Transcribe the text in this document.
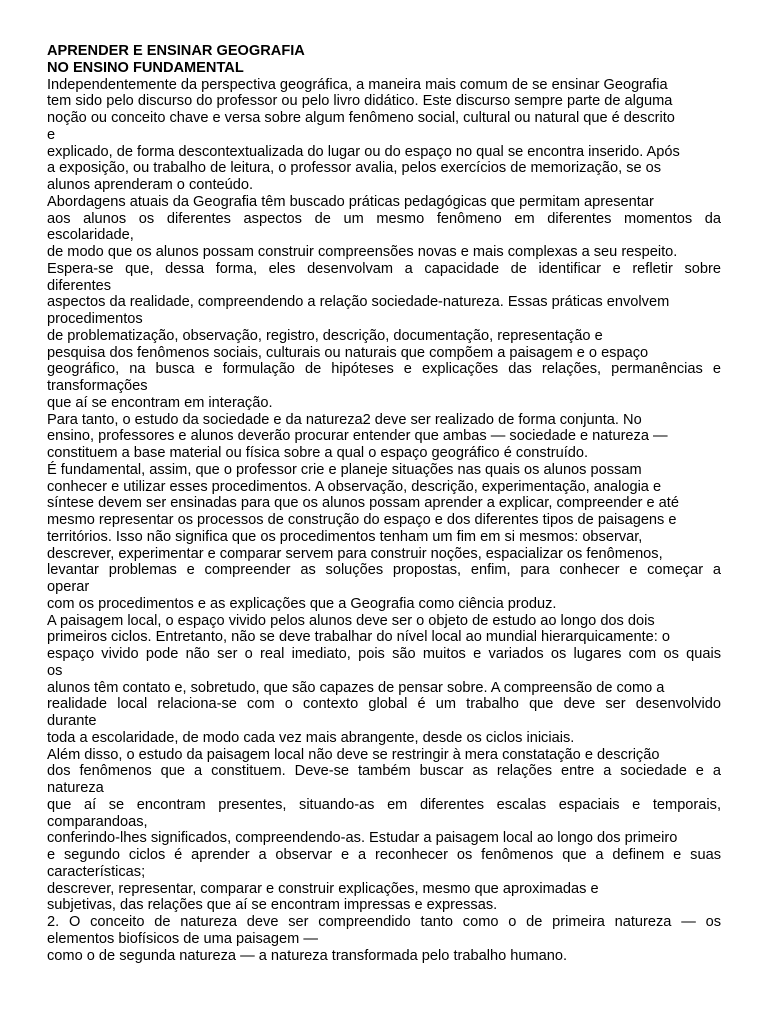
APRENDER E ENSINAR GEOGRAFIA
NO ENSINO FUNDAMENTAL
Independentemente da perspectiva geográfica, a maneira mais comum de se ensinar Geografia
tem sido pelo discurso do professor ou pelo livro didático. Este discurso sempre parte de alguma
noção ou conceito chave e versa sobre algum fenômeno social, cultural ou natural que é descrito
e
explicado, de forma descontextualizada do lugar ou do espaço no qual se encontra inserido. Após
a exposição, ou trabalho de leitura, o professor avalia, pelos exercícios de memorização, se os
alunos aprenderam o conteúdo.
Abordagens atuais da Geografia têm buscado práticas pedagógicas que permitam apresentar
aos alunos os diferentes aspectos de um mesmo fenômeno em diferentes momentos da
escolaridade,
de modo que os alunos possam construir compreensões novas e mais complexas a seu respeito.
Espera-se que, dessa forma, eles desenvolvam a capacidade de identificar e refletir sobre
diferentes
aspectos da realidade, compreendendo a relação sociedade-natureza. Essas práticas envolvem
procedimentos
de problematização, observação, registro, descrição, documentação, representação e
pesquisa dos fenômenos sociais, culturais ou naturais que compõem a paisagem e o espaço
geográfico, na busca e formulação de hipóteses e explicações das relações, permanências e
transformações
que aí se encontram em interação.
Para tanto, o estudo da sociedade e da natureza2 deve ser realizado de forma conjunta. No
ensino, professores e alunos deverão procurar entender que ambas — sociedade e natureza —
constituem a base material ou física sobre a qual o espaço geográfico é construído.
É fundamental, assim, que o professor crie e planeje situações nas quais os alunos possam
conhecer e utilizar esses procedimentos. A observação, descrição, experimentação, analogia e
síntese devem ser ensinadas para que os alunos possam aprender a explicar, compreender e até
mesmo representar os processos de construção do espaço e dos diferentes tipos de paisagens e
territórios. Isso não significa que os procedimentos tenham um fim em si mesmos: observar,
descrever, experimentar e comparar servem para construir noções, espacializar os fenômenos,
levantar problemas e compreender as soluções propostas, enfim, para conhecer e começar a
operar
com os procedimentos e as explicações que a Geografia como ciência produz.
A paisagem local, o espaço vivido pelos alunos deve ser o objeto de estudo ao longo dos dois
primeiros ciclos. Entretanto, não se deve trabalhar do nível local ao mundial hierarquicamente: o
espaço vivido pode não ser o real imediato, pois são muitos e variados os lugares com os quais
os
alunos têm contato e, sobretudo, que são capazes de pensar sobre. A compreensão de como a
realidade local relaciona-se com o contexto global é um trabalho que deve ser desenvolvido
durante
toda a escolaridade, de modo cada vez mais abrangente, desde os ciclos iniciais.
Além disso, o estudo da paisagem local não deve se restringir à mera constatação e descrição
dos fenômenos que a constituem. Deve-se também buscar as relações entre a sociedade e a
natureza
que aí se encontram presentes, situando-as em diferentes escalas espaciais e temporais,
comparandoas,
conferindo-lhes significados, compreendendo-as. Estudar a paisagem local ao longo dos primeiro
e segundo ciclos é aprender a observar e a reconhecer os fenômenos que a definem e suas
características;
descrever, representar, comparar e construir explicações, mesmo que aproximadas e
subjetivas, das relações que aí se encontram impressas e expressas.
2. O conceito de natureza deve ser compreendido tanto como o de primeira natureza — os
elementos biofísicos de uma paisagem —
como o de segunda natureza — a natureza transformada pelo trabalho humano.
